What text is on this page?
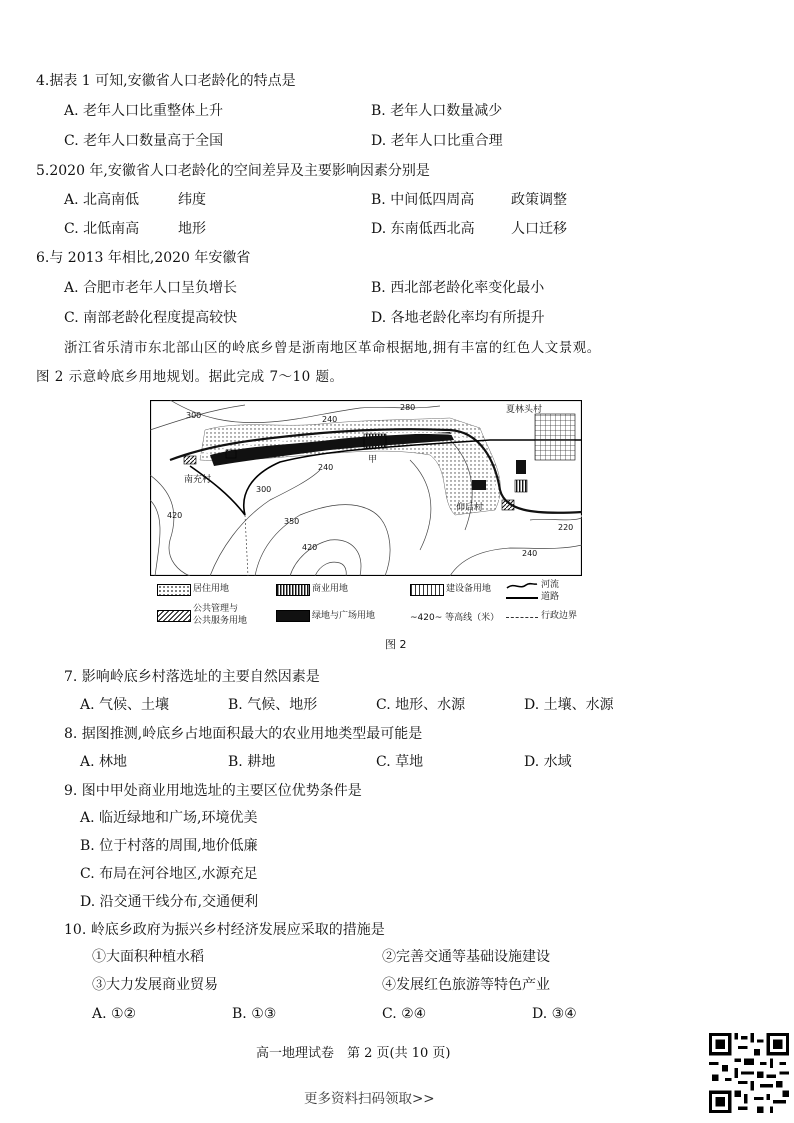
4.据表 1 可知,安徽省人口老龄化的特点是
A. 老年人口比重整体上升	B. 老年人口数量减少
C. 老年人口数量高于全国	D. 老年人口比重合理
5.2020 年,安徽省人口老龄化的空间差异及主要影响因素分别是
A. 北高南低	纬度	B. 中间低四周高	政策调整
C. 北低南高	地形	D. 东南低西北高	人口迁移
6.与 2013 年相比,2020 年安徽省
A. 合肥市老年人口呈负增长	B. 西北部老龄化率变化最小
C. 南部老龄化程度提高较快	D. 各地老龄化率均有所提升
浙江省乐清市东北部山区的岭底乡曾是浙南地区革命根据地,拥有丰富的红色人文景观。
图 2 示意岭底乡用地规划。据此完成 7～10 题。
300
280
240
240
300
350
420
420
220
240
夏林头村
南充村
仰后村
甲
居住用地	商业用地	建设备用地	河流
道路
公共管理与
公共服务用地	绿地与广场用地	~420~ 等高线（米）	行政边界
图 2
7. 影响岭底乡村落选址的主要自然因素是
A. 气候、土壤	B. 气候、地形	C. 地形、水源	D. 土壤、水源
8. 据图推测,岭底乡占地面积最大的农业用地类型最可能是
A. 林地	B. 耕地	C. 草地	D. 水域
9. 图中甲处商业用地选址的主要区位优势条件是
A. 临近绿地和广场,环境优美
B. 位于村落的周围,地价低廉
C. 布局在河谷地区,水源充足
D. 沿交通干线分布,交通便利
10. 岭底乡政府为振兴乡村经济发展应采取的措施是
①大面积种植水稻	②完善交通等基础设施建设
③大力发展商业贸易	④发展红色旅游等特色产业
A. ①②	B. ①③	C. ②④	D. ③④
高一地理试卷　第 2 页(共 10 页)
更多资料扫码领取>>
